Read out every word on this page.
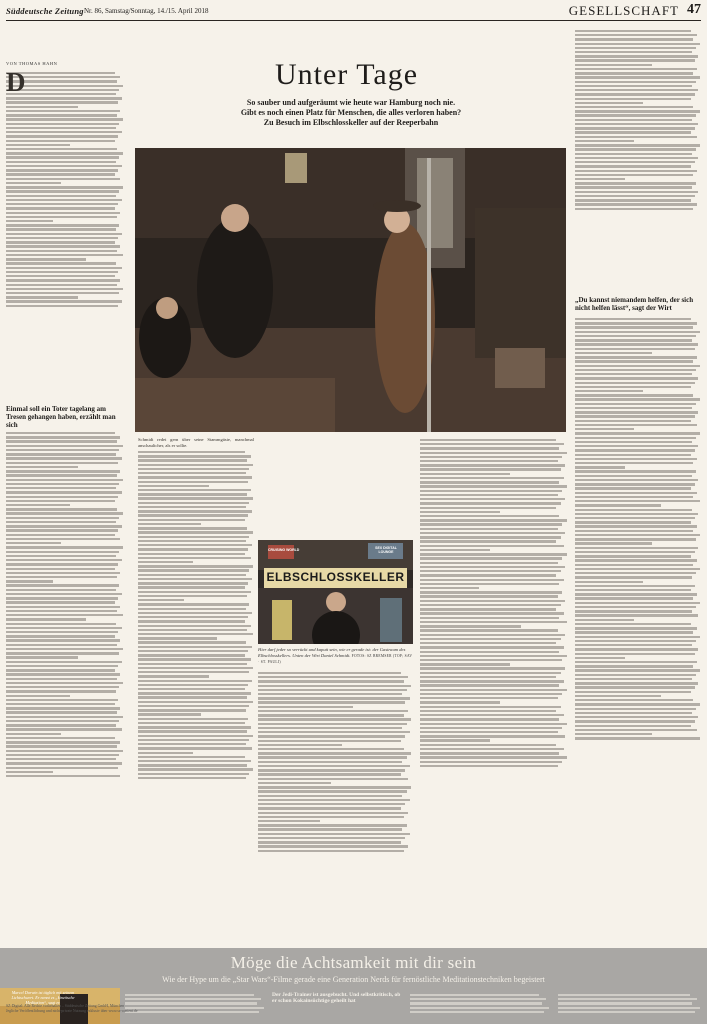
Süddeutsche Zeitung Nr. 86, Samstag/Sonntag, 14./15. April 2018	GESELLSCHAFT 47
VON THOMAS HAHN	Unter Tage
So sauber und aufgeräumt wie heute war Hamburg noch nie.
Gibt es noch einen Platz für Menschen, die alles verloren haben?
Zu Besuch im Elbschlosskeller auf der Reeperbahn
D
Einmal soll ein Toter tagelang am Tresen gehangen haben, erzählt man sich
„Du kannst niemandem helfen, der sich nicht helfen lässt“, sagt der Wirt

Schmidt redet gern über seine Stammgäste, manchmal anschaulicher, als er sollte.

CRUISING WORLD	SEX DIGITAL LOUNGE
ELBSCHLOSSKELLER
Hier darf jeder so verrückt und kaputt sein, wie er gerade ist: der Gastraum des Elbschlosskellers. Unten der Wirt Daniel Schmidt. FOTOS: SZ BREMSER (TOP; SAV · ST. PAULI)
Möge die Achtsamkeit mit dir sein
Wie der Hype um die „Star Wars“-Filme gerade eine Generation Nerds für fernöstliche Meditationstechniken begeistert
Marcel Darwin ist täglich mit seinem Lichtschwert. Er nennt es „kinetische Meditation“, sagt er.
Der Jedi-Trainer ist ausgebucht. Und selbstkritisch, ob er schon Kokainsüchtige geheilt hat
SZ-Digital: Alle Rechte vorbehalten – Süddeutsche Zeitung GmbH, München
Jegliche Veröffentlichung und nicht-private Nutzung exklusiv über www.sz-content.de
